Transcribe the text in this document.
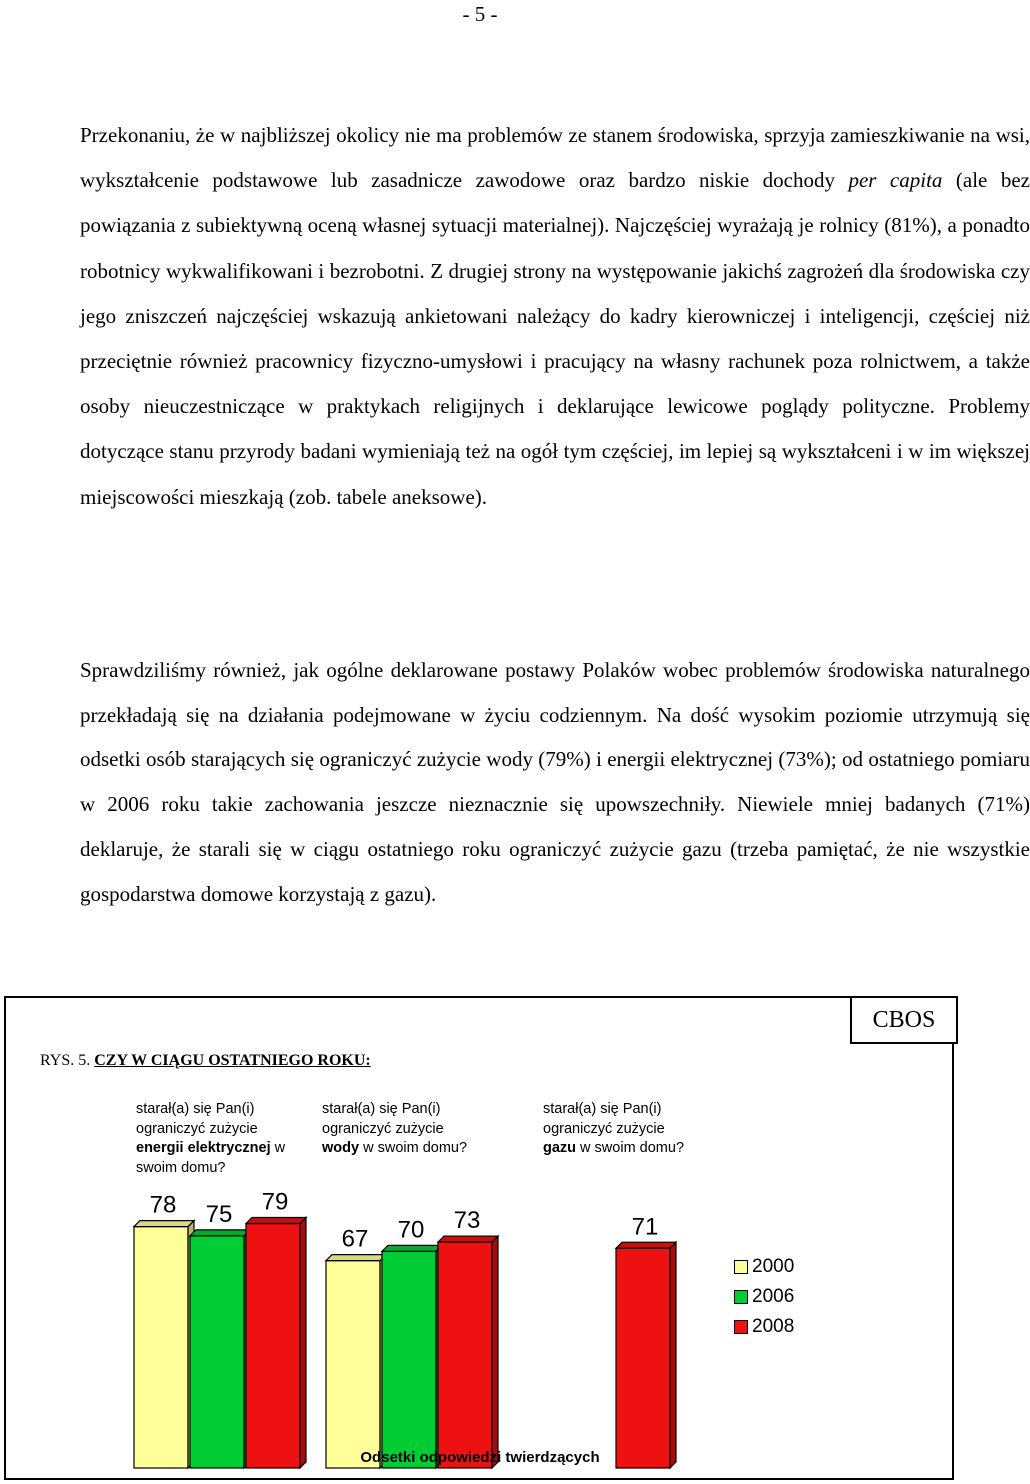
- 5 -

Przekonaniu, że w najbliższej okolicy nie ma problemów ze stanem środowiska, sprzyja zamieszkiwanie na wsi, wykształcenie podstawowe lub zasadnicze zawodowe oraz bardzo niskie dochody per capita (ale bez powiązania z subiektywną oceną własnej sytuacji materialnej). Najczęściej wyrażają je rolnicy (81%), a ponadto robotnicy wykwalifikowani i bezrobotni. Z drugiej strony na występowanie jakichś zagrożeń dla środowiska czy jego zniszczeń najczęściej wskazują ankietowani należący do kadry kierowniczej i inteligencji, częściej niż przeciętnie również pracownicy fizyczno-umysłowi i pracujący na własny rachunek poza rolnictwem, a także osoby nieuczestniczące w praktykach religijnych i deklarujące lewicowe poglądy polityczne. Problemy dotyczące stanu przyrody badani wymieniają też na ogół tym częściej, im lepiej są wykształceni i w im większej miejscowości mieszkają (zob. tabele aneksowe).

Sprawdziliśmy również, jak ogólne deklarowane postawy Polaków wobec problemów środowiska naturalnego przekładają się na działania podejmowane w życiu codziennym. Na dość wysokim poziomie utrzymują się odsetki osób starających się ograniczyć zużycie wody (79%) i energii elektrycznej (73%); od ostatniego pomiaru w 2006 roku takie zachowania jeszcze nieznacznie się upowszechniły. Niewiele mniej badanych (71%) deklaruje, że starali się w ciągu ostatniego roku ograniczyć zużycie gazu (trzeba pamiętać, że nie wszystkie gospodarstwa domowe korzystają z gazu).

CBOS
RYS. 5. CZY W CIĄGU OSTATNIEGO ROKU:
starał(a) się Pan(i) ograniczyć zużycie
energii elektrycznej w swoim domu?
starał(a) się Pan(i) ograniczyć zużycie
wody w swoim domu?
starał(a) się Pan(i) ograniczyć zużycie
gazu w swoim domu?
78 75 79
67 70 73	71
2000
2006
2008
Odsetki odpowiedzi twierdzących
